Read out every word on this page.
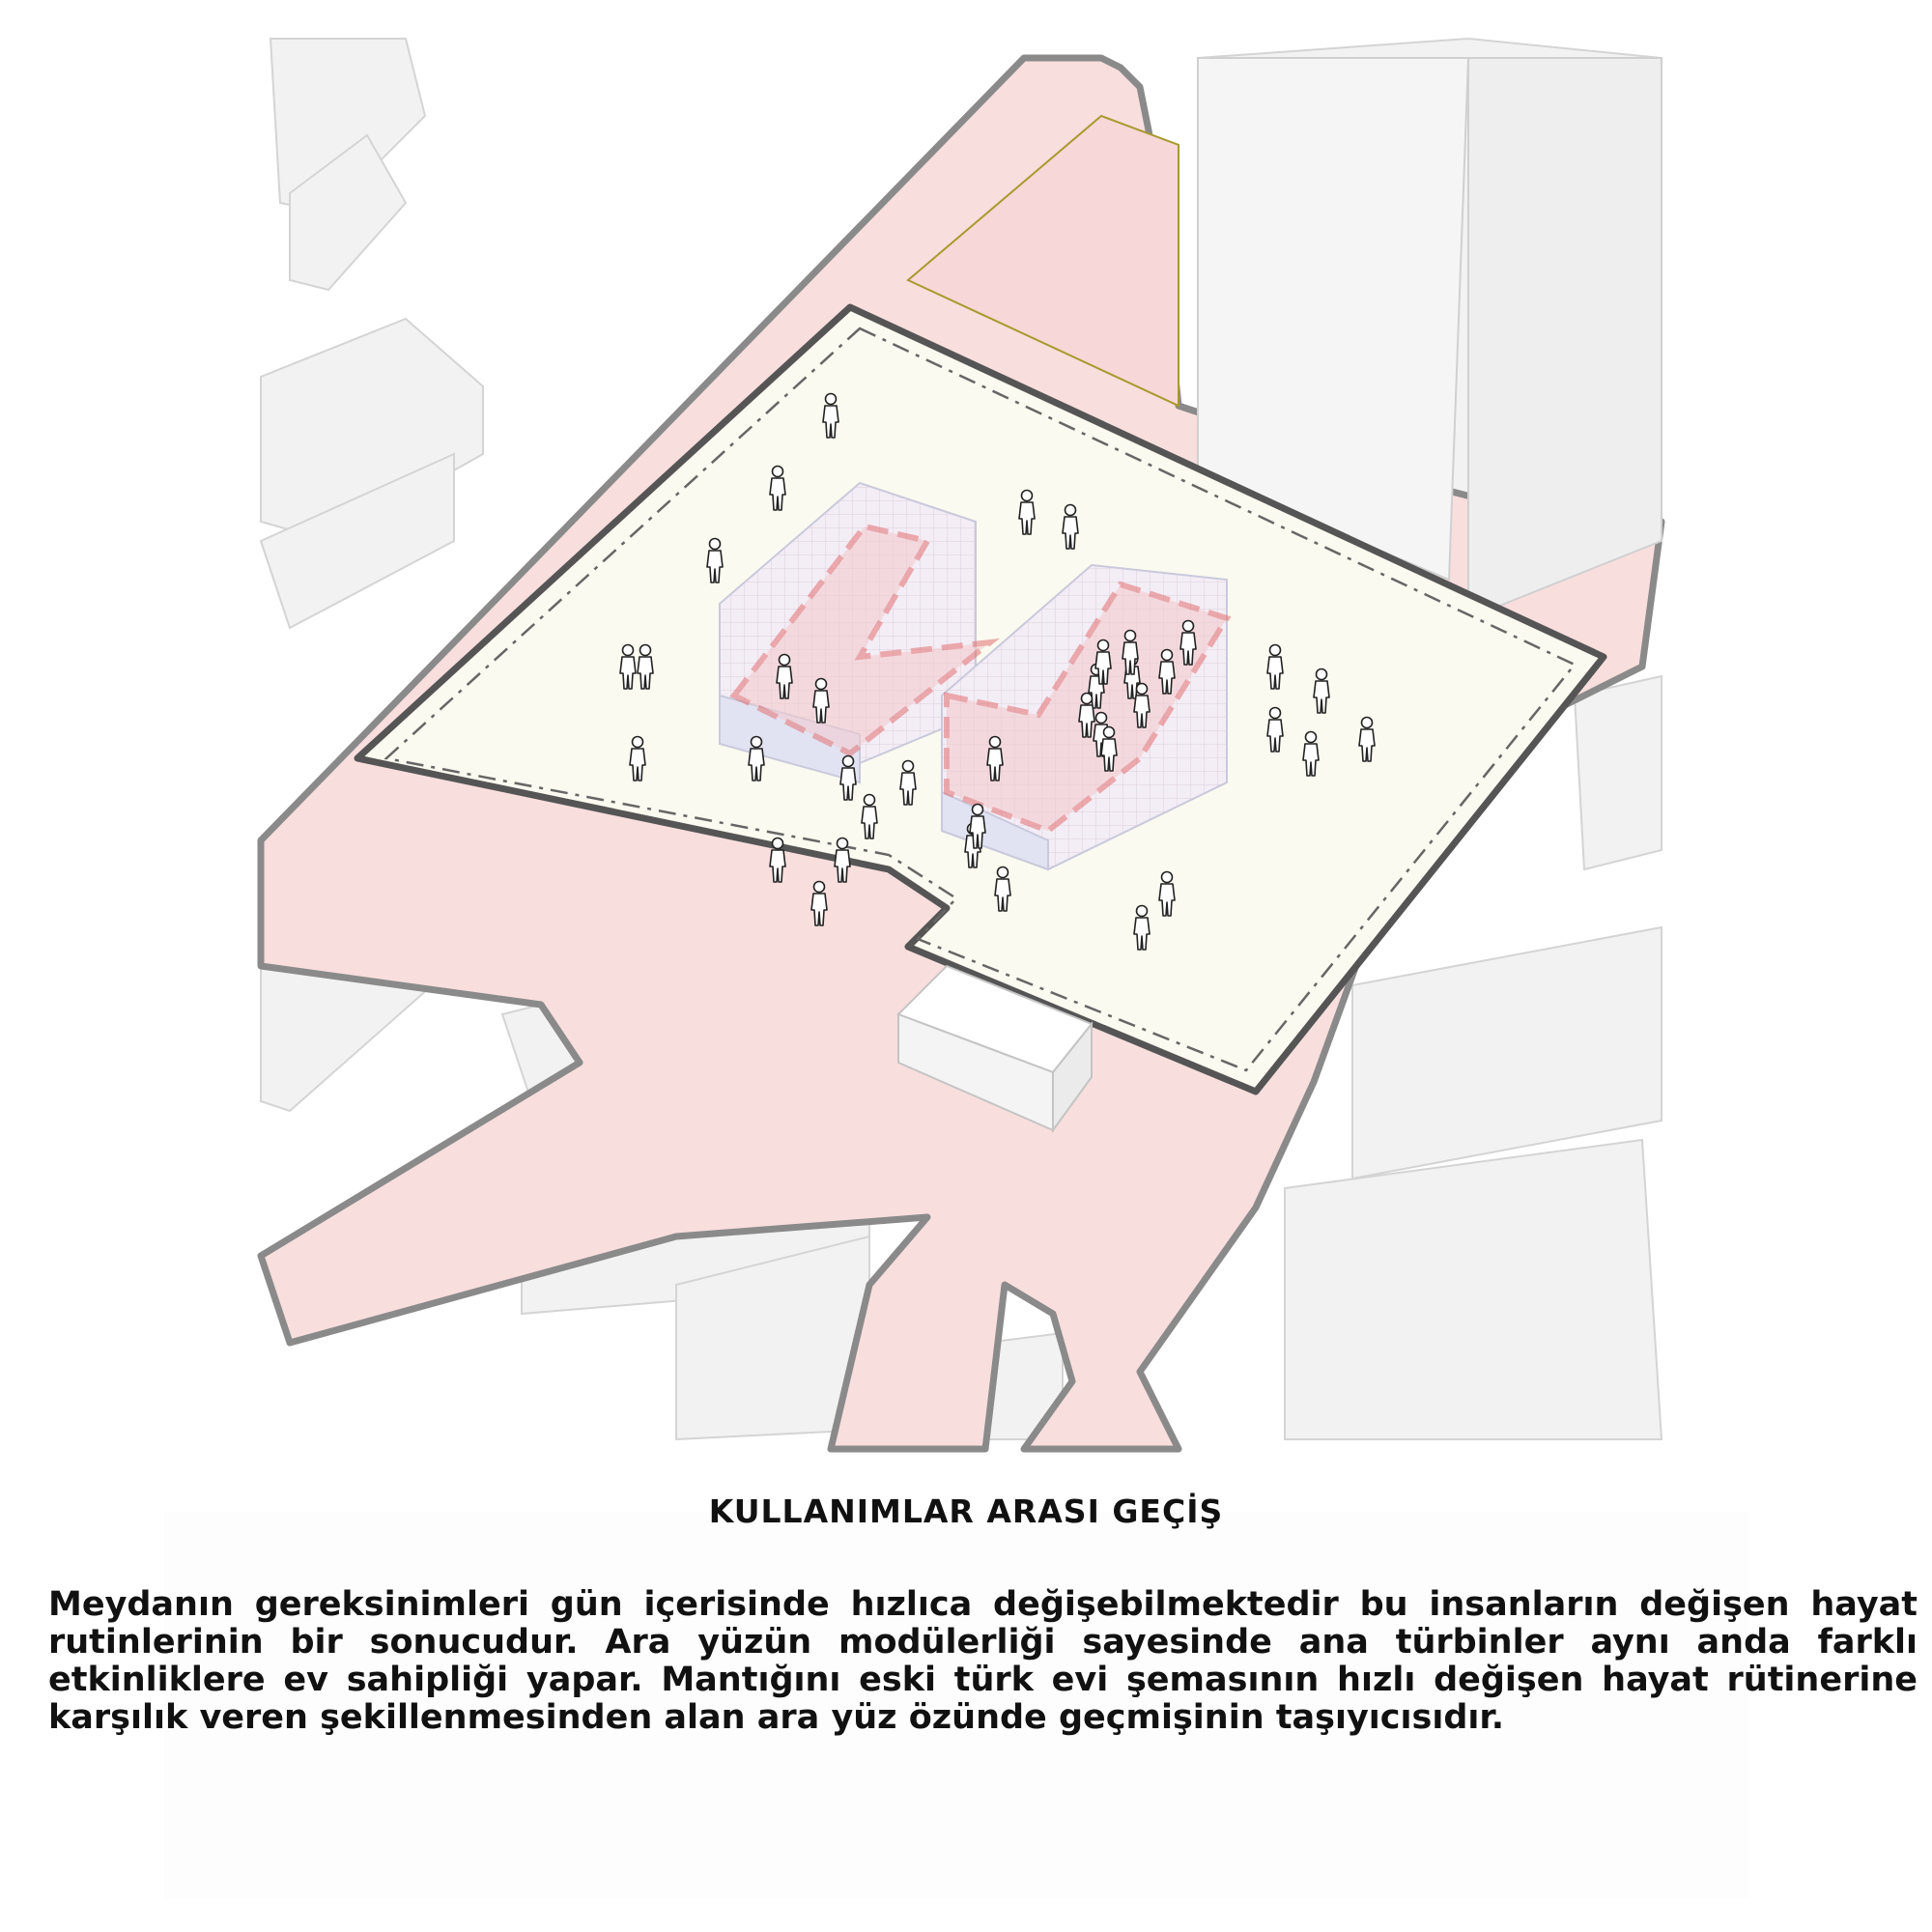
KULLANIMLAR ARASI GEÇİŞ
Meydanın gereksinimleri gün içerisinde hızlıca değişebilmektedir bu insanların değişen hayat rutinlerinin bir sonucudur. Ara yüzün modülerliği sayesinde ana türbinler aynı anda farklı etkinliklere ev sahipliği yapar. Mantığını eski türk evi şemasının hızlı değişen hayat rütinerine karşılık veren şekillenmesinden alan ara yüz özünde geçmişinin taşıyıcısıdır.
